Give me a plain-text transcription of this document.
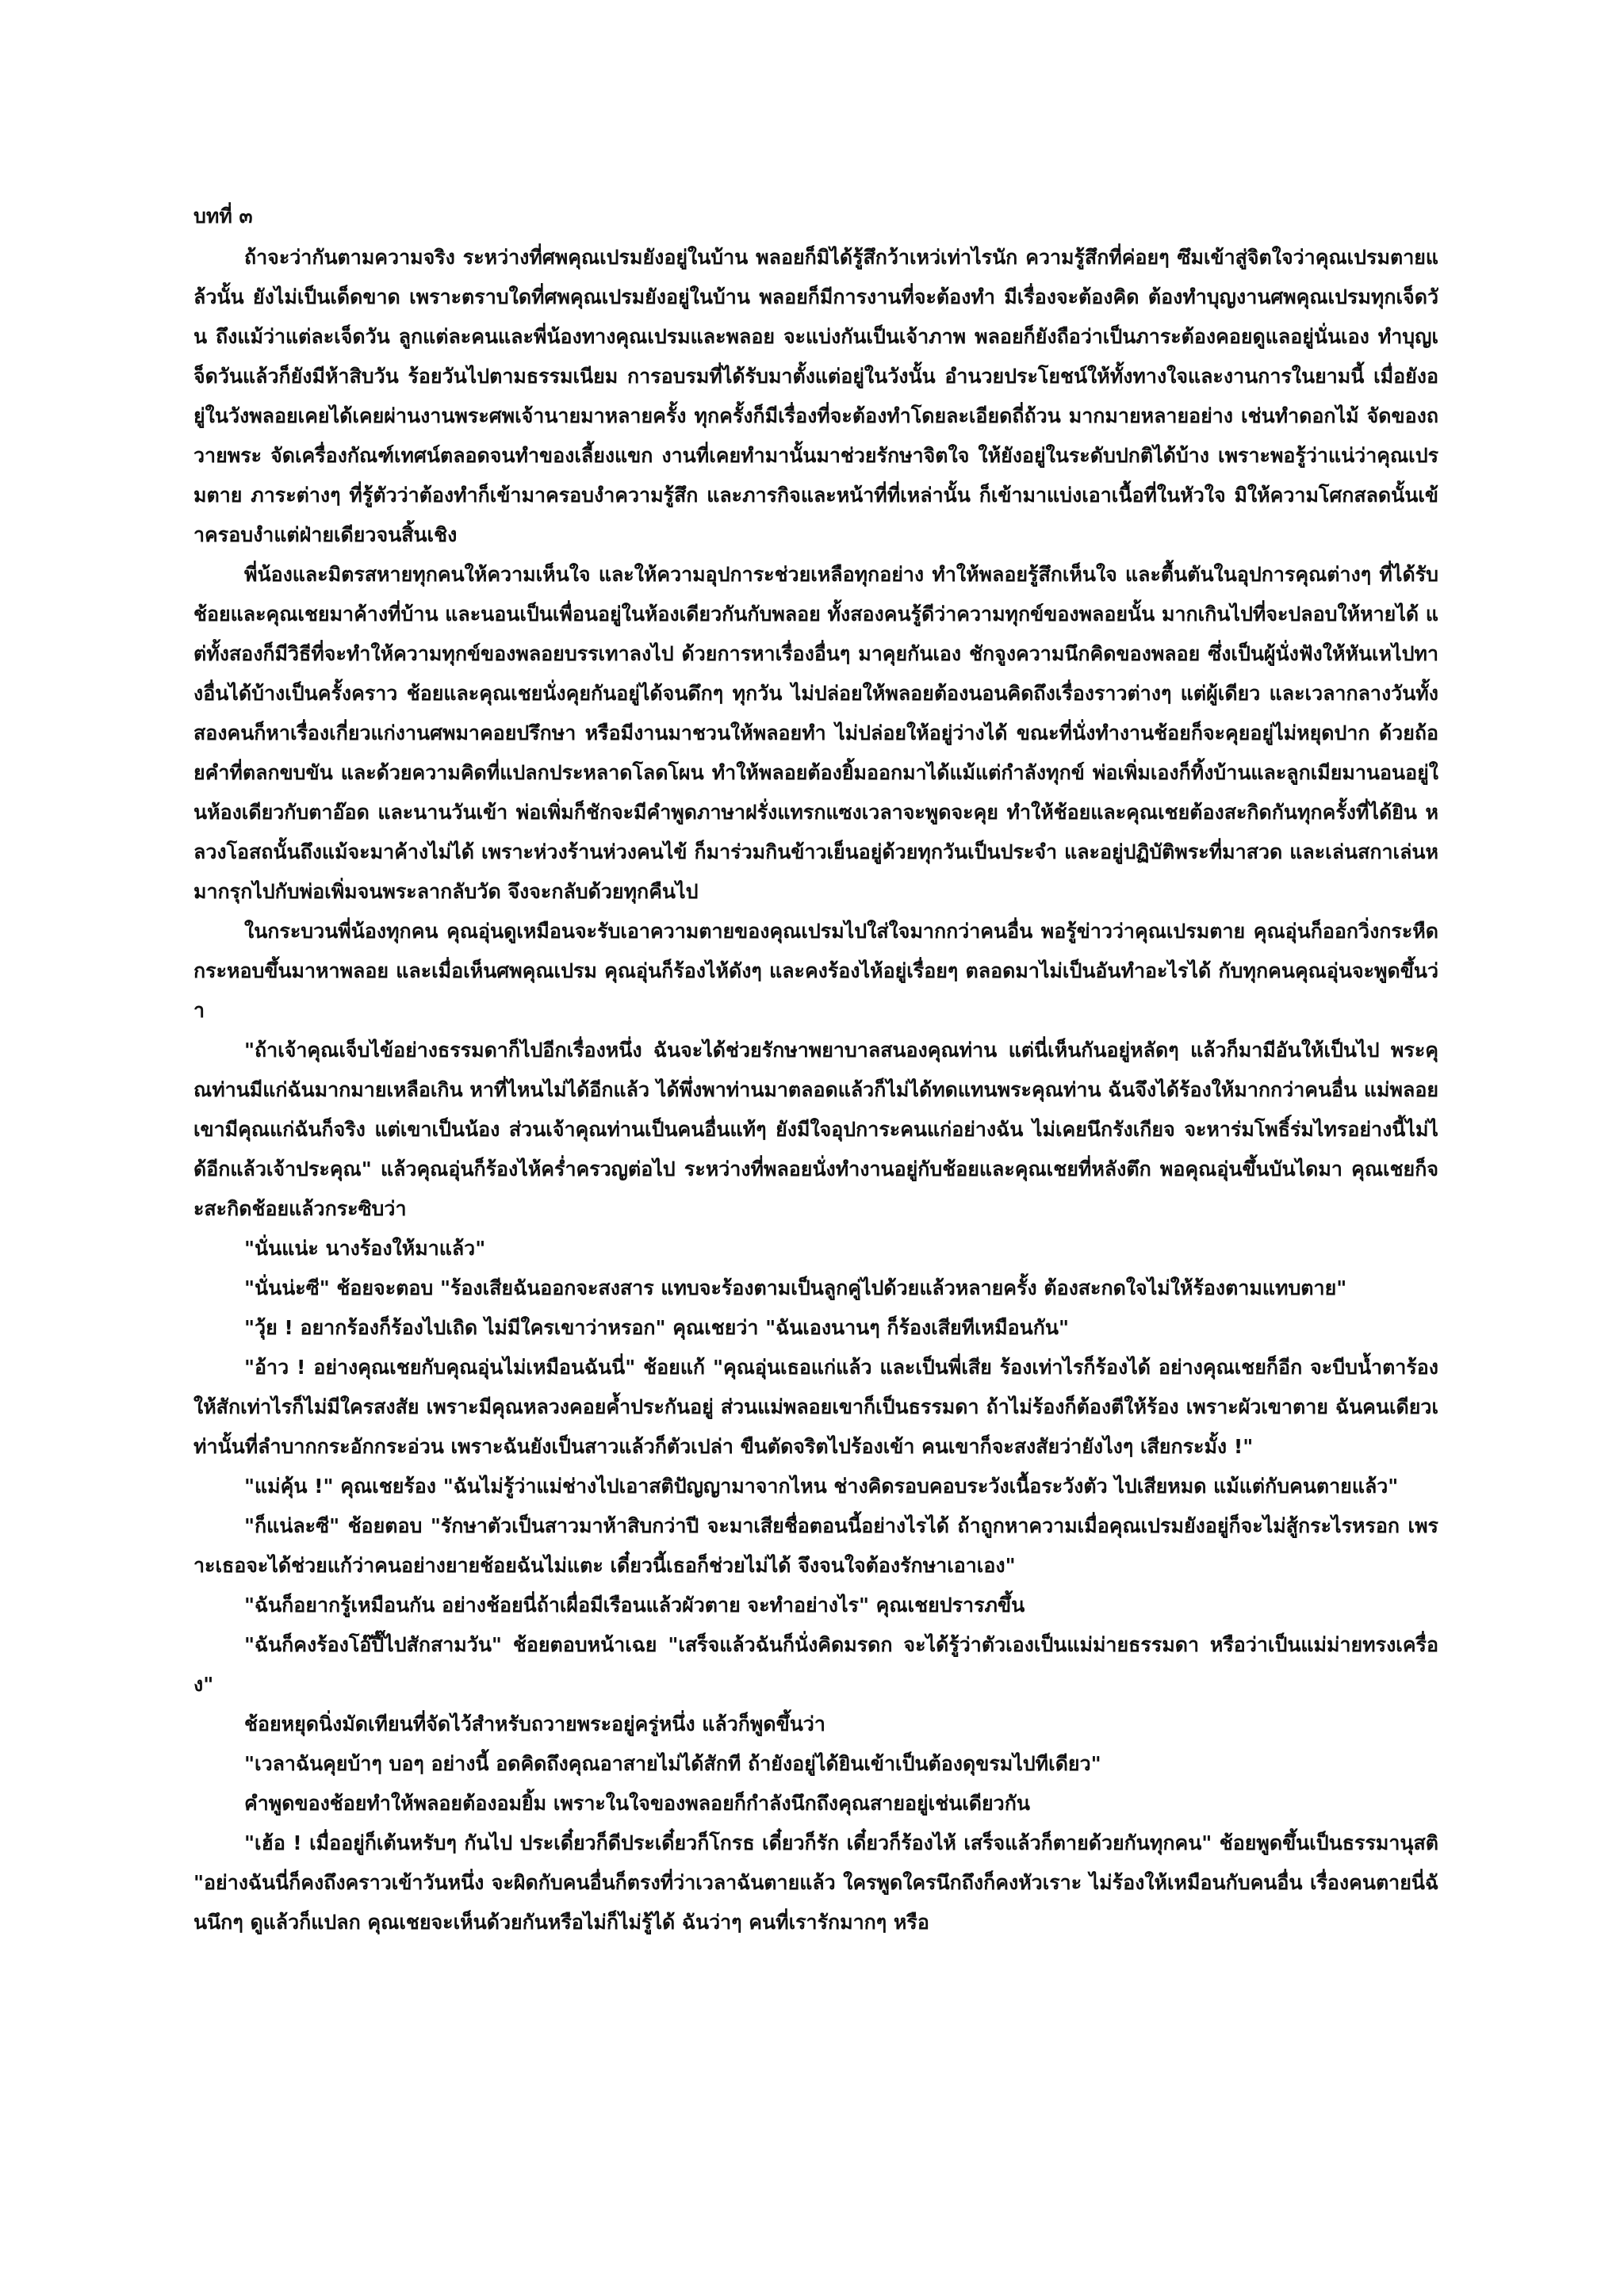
บทที่ ๓

ถ้าจะว่ากันตามความจริง ระหว่างที่ศพคุณเปรมยังอยู่ในบ้าน พลอยก็มิได้รู้สึกว้าเหว่เท่าไรนัก ความรู้สึกที่ค่อยๆ ซึมเข้าสู่จิตใจว่าคุณเปรมตายแล้วนั้น ยังไม่เป็นเด็ดขาด เพราะตราบใดที่ศพคุณเปรมยังอยู่ในบ้าน พลอยก็มีการงานที่จะต้องทำ มีเรื่องจะต้องคิด ต้องทำบุญงานศพคุณเปรมทุกเจ็ดวัน ถึงแม้ว่าแต่ละเจ็ดวัน ลูกแต่ละคนและพี่น้องทางคุณเปรมและพลอย จะแบ่งกันเป็นเจ้าภาพ พลอยก็ยังถือว่าเป็นภาระต้องคอยดูแลอยู่นั่นเอง ทำบุญเจ็ดวันแล้วก็ยังมีห้าสิบวัน ร้อยวันไปตามธรรมเนียม การอบรมที่ได้รับมาตั้งแต่อยู่ในวังนั้น อำนวยประโยชน์ให้ทั้งทางใจและงานการในยามนี้ เมื่อยังอยู่ในวังพลอยเคยได้เคยผ่านงานพระศพเจ้านายมาหลายครั้ง ทุกครั้งก็มีเรื่องที่จะต้องทำโดยละเอียดถี่ถ้วน มากมายหลายอย่าง เช่นทำดอกไม้ จัดของถวายพระ จัดเครื่องกัณฑ์เทศน์ตลอดจนทำของเลี้ยงแขก งานที่เคยทำมานั้นมาช่วยรักษาจิตใจ ให้ยังอยู่ในระดับปกติได้บ้าง เพราะพอรู้ว่าแน่ว่าคุณเปรมตาย ภาระต่างๆ ที่รู้ตัวว่าต้องทำก็เข้ามาครอบงำความรู้สึก และภารกิจและหน้าที่ที่เหล่านั้น ก็เข้ามาแบ่งเอาเนื้อที่ในหัวใจ มิให้ความโศกสลดนั้นเข้าครอบงำแต่ฝ่ายเดียวจนสิ้นเชิง

พี่น้องและมิตรสหายทุกคนให้ความเห็นใจ และให้ความอุปการะช่วยเหลือทุกอย่าง ทำให้พลอยรู้สึกเห็นใจ และตื้นตันในอุปการคุณต่างๆ ที่ได้รับ ช้อยและคุณเชยมาค้างที่บ้าน และนอนเป็นเพื่อนอยู่ในห้องเดียวกันกับพลอย ทั้งสองคนรู้ดีว่าความทุกข์ของพลอยนั้น มากเกินไปที่จะปลอบให้หายได้ แต่ทั้งสองก็มีวิธีที่จะทำให้ความทุกข์ของพลอยบรรเทาลงไป ด้วยการหาเรื่องอื่นๆ มาคุยกันเอง ชักจูงความนึกคิดของพลอย ซึ่งเป็นผู้นั่งฟังให้หันเหไปทางอื่นได้บ้างเป็นครั้งคราว ช้อยและคุณเชยนั่งคุยกันอยู่ได้จนดึกๆ ทุกวัน ไม่ปล่อยให้พลอยต้องนอนคิดถึงเรื่องราวต่างๆ แต่ผู้เดียว และเวลากลางวันทั้งสองคนก็หาเรื่องเกี่ยวแก่งานศพมาคอยปรึกษา หรือมีงานมาชวนให้พลอยทำ ไม่ปล่อยให้อยู่ว่างได้ ขณะที่นั่งทำงานช้อยก็จะคุยอยู่ไม่หยุดปาก ด้วยถ้อยคำที่ตลกขบขัน และด้วยความคิดที่แปลกประหลาดโลดโผน ทำให้พลอยต้องยิ้มออกมาได้แม้แต่กำลังทุกข์ พ่อเพิ่มเองก็ทิ้งบ้านและลูกเมียมานอนอยู่ในห้องเดียวกับตาอ๊อด และนานวันเข้า พ่อเพิ่มก็ชักจะมีคำพูดภาษาฝรั่งแทรกแซงเวลาจะพูดจะคุย ทำให้ช้อยและคุณเชยต้องสะกิดกันทุกครั้งที่ได้ยิน หลวงโอสถนั้นถึงแม้จะมาค้างไม่ได้ เพราะห่วงร้านห่วงคนไข้ ก็มาร่วมกินข้าวเย็นอยู่ด้วยทุกวันเป็นประจำ และอยู่ปฏิบัติพระที่มาสวด และเล่นสกาเล่นหมากรุกไปกับพ่อเพิ่มจนพระลากลับวัด จึงจะกลับด้วยทุกคืนไป

ในกระบวนพี่น้องทุกคน คุณอุ่นดูเหมือนจะรับเอาความตายของคุณเปรมไปใส่ใจมากกว่าคนอื่น พอรู้ข่าวว่าคุณเปรมตาย คุณอุ่นก็ออกวิ่งกระหืดกระหอบขึ้นมาหาพลอย และเมื่อเห็นศพคุณเปรม คุณอุ่นก็ร้องไห้ดังๆ และคงร้องไห้อยู่เรื่อยๆ ตลอดมาไม่เป็นอันทำอะไรได้ กับทุกคนคุณอุ่นจะพูดขึ้นว่า

"ถ้าเจ้าคุณเจ็บไข้อย่างธรรมดาก็ไปอีกเรื่องหนึ่ง ฉันจะได้ช่วยรักษาพยาบาลสนองคุณท่าน แต่นี่เห็นกันอยู่หลัดๆ แล้วก็มามีอันให้เป็นไป พระคุณท่านมีแก่ฉันมากมายเหลือเกิน หาที่ไหนไม่ได้อีกแล้ว ได้พึ่งพาท่านมาตลอดแล้วก็ไม่ได้ทดแทนพระคุณท่าน ฉันจึงได้ร้องให้มากกว่าคนอื่น แม่พลอยเขามีคุณแก่ฉันก็จริง แต่เขาเป็นน้อง ส่วนเจ้าคุณท่านเป็นคนอื่นแท้ๆ ยังมีใจอุปการะคนแก่อย่างฉัน ไม่เคยนึกรังเกียจ จะหาร่มโพธิ์ร่มไทรอย่างนี้ไม่ได้อีกแล้วเจ้าประคุณ" แล้วคุณอุ่นก็ร้องไห้คร่ำครวญต่อไป ระหว่างที่พลอยนั่งทำงานอยู่กับช้อยและคุณเชยที่หลังตึก พอคุณอุ่นขึ้นบันไดมา คุณเชยก็จะสะกิดช้อยแล้วกระซิบว่า

"นั่นแน่ะ นางร้องให้มาแล้ว"

"นั่นน่ะซี" ช้อยจะตอบ "ร้องเสียฉันออกจะสงสาร แทบจะร้องตามเป็นลูกคู่ไปด้วยแล้วหลายครั้ง ต้องสะกดใจไม่ให้ร้องตามแทบตาย"

"วุ้ย ! อยากร้องก็ร้องไปเถิด ไม่มีใครเขาว่าหรอก" คุณเชยว่า "ฉันเองนานๆ ก็ร้องเสียทีเหมือนกัน"

"อ้าว ! อย่างคุณเชยกับคุณอุ่นไม่เหมือนฉันนี่" ช้อยแก้ "คุณอุ่นเธอแก่แล้ว และเป็นพี่เสีย ร้องเท่าไรก็ร้องได้ อย่างคุณเชยก็อีก จะบีบน้ำตาร้องให้สักเท่าไรก็ไม่มีใครสงสัย เพราะมีคุณหลวงคอยค้ำประกันอยู่ ส่วนแม่พลอยเขาก็เป็นธรรมดา ถ้าไม่ร้องก็ต้องตีให้ร้อง เพราะผัวเขาตาย ฉันคนเดียวเท่านั้นที่ลำบากกระอักกระอ่วน เพราะฉันยังเป็นสาวแล้วก็ตัวเปล่า ขืนตัดจริตไปร้องเข้า คนเขาก็จะสงสัยว่ายังไงๆ เสียกระมั้ง !"

"แม่คุ้น !" คุณเชยร้อง "ฉันไม่รู้ว่าแม่ช่างไปเอาสติปัญญามาจากไหน ช่างคิดรอบคอบระวังเนื้อระวังตัว ไปเสียหมด แม้แต่กับคนตายแล้ว"

"ก็แน่ละซี" ช้อยตอบ "รักษาตัวเป็นสาวมาห้าสิบกว่าปี จะมาเสียชื่อตอนนี้อย่างไรได้ ถ้าถูกหาความเมื่อคุณเปรมยังอยู่ก็จะไม่สู้กระไรหรอก เพราะเธอจะได้ช่วยแก้ว่าคนอย่างยายช้อยฉันไม่แตะ เดี๋ยวนี้เธอก็ช่วยไม่ได้ จึงจนใจต้องรักษาเอาเอง"

"ฉันก็อยากรู้เหมือนกัน อย่างช้อยนี่ถ้าเผื่อมีเรือนแล้วผัวตาย จะทำอย่างไร" คุณเชยปรารภขึ้น

"ฉันก็คงร้องโอ๊ปี๊ไปสักสามวัน" ช้อยตอบหน้าเฉย "เสร็จแล้วฉันก็นั่งคิดมรดก จะได้รู้ว่าตัวเองเป็นแม่ม่ายธรรมดา หรือว่าเป็นแม่ม่ายทรงเครื่อง"

ช้อยหยุดนิ่งมัดเทียนที่จัดไว้สำหรับถวายพระอยู่ครู่หนึ่ง แล้วก็พูดขึ้นว่า

"เวลาฉันคุยบ้าๆ บอๆ อย่างนี้ อดคิดถึงคุณอาสายไม่ได้สักที ถ้ายังอยู่ได้ยินเข้าเป็นต้องดุขรมไปทีเดียว"

คำพูดของช้อยทำให้พลอยต้องอมยิ้ม เพราะในใจของพลอยก็กำลังนึกถึงคุณสายอยู่เช่นเดียวกัน

"เฮ้อ ! เมื่ออยู่ก็เต้นหรับๆ กันไป ประเดี๋ยวก็ดีประเดี๋ยวก็โกรธ เดี๋ยวก็รัก เดี๋ยวก็ร้องไห้ เสร็จแล้วก็ตายด้วยกันทุกคน" ช้อยพูดขึ้นเป็นธรรมานุสติ "อย่างฉันนี่ก็คงถึงคราวเข้าวันหนึ่ง จะผิดกับคนอื่นก็ตรงที่ว่าเวลาฉันตายแล้ว ใครพูดใครนึกถึงก็คงหัวเราะ ไม่ร้องให้เหมือนกับคนอื่น เรื่องคนตายนี่ฉันนึกๆ ดูแล้วก็แปลก คุณเชยจะเห็นด้วยกันหรือไม่ก็ไม่รู้ได้ ฉันว่าๆ คนที่เรารักมากๆ หรือ
